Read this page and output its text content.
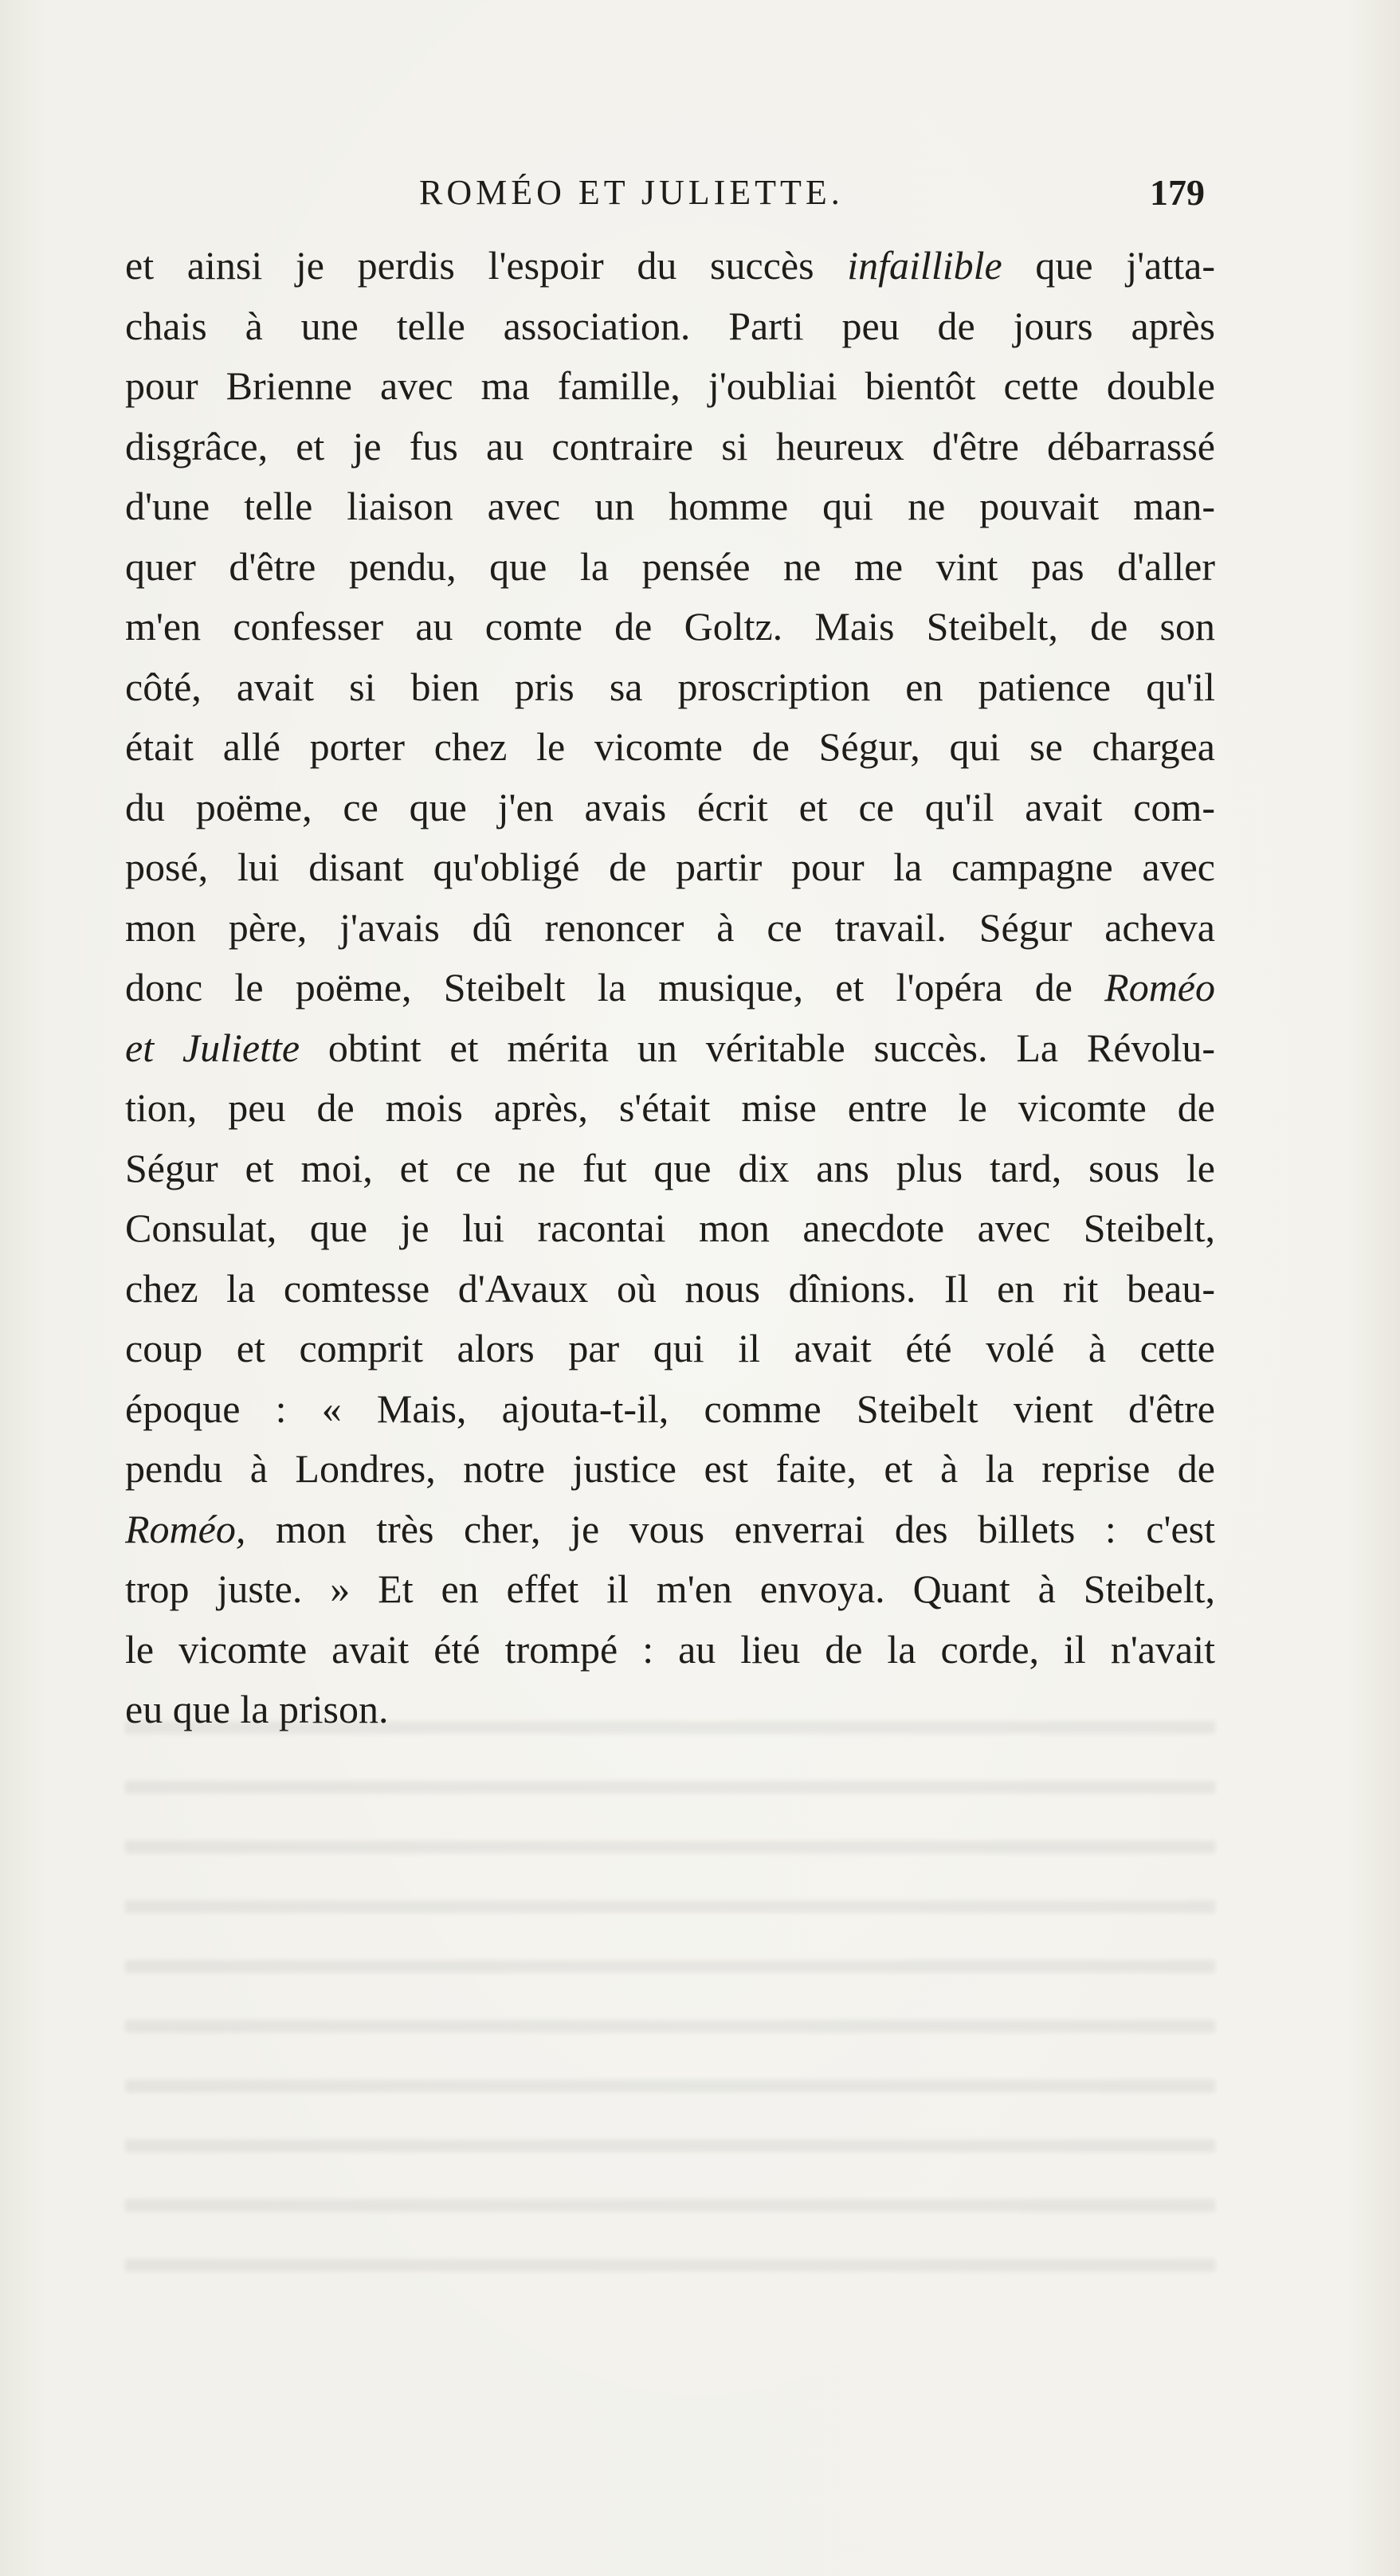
ROMÉO ET JULIETTE.	179
et ainsi je perdis l'espoir du succès infaillible que j'atta-
chais à une telle association. Parti peu de jours après
pour Brienne avec ma famille, j'oubliai bientôt cette double
disgrâce, et je fus au contraire si heureux d'être débarrassé
d'une telle liaison avec un homme qui ne pouvait man-
quer d'être pendu, que la pensée ne me vint pas d'aller
m'en confesser au comte de Goltz. Mais Steibelt, de son
côté, avait si bien pris sa proscription en patience qu'il
était allé porter chez le vicomte de Ségur, qui se chargea
du poëme, ce que j'en avais écrit et ce qu'il avait com-
posé, lui disant qu'obligé de partir pour la campagne avec
mon père, j'avais dû renoncer à ce travail. Ségur acheva
donc le poëme, Steibelt la musique, et l'opéra de Roméo
et Juliette obtint et mérita un véritable succès. La Révolu-
tion, peu de mois après, s'était mise entre le vicomte de
Ségur et moi, et ce ne fut que dix ans plus tard, sous le
Consulat, que je lui racontai mon anecdote avec Steibelt,
chez la comtesse d'Avaux où nous dînions. Il en rit beau-
coup et comprit alors par qui il avait été volé à cette
époque : « Mais, ajouta-t-il, comme Steibelt vient d'être
pendu à Londres, notre justice est faite, et à la reprise de
Roméo, mon très cher, je vous enverrai des billets : c'est
trop juste. » Et en effet il m'en envoya. Quant à Steibelt,
le vicomte avait été trompé : au lieu de la corde, il n'avait
eu que la prison.
